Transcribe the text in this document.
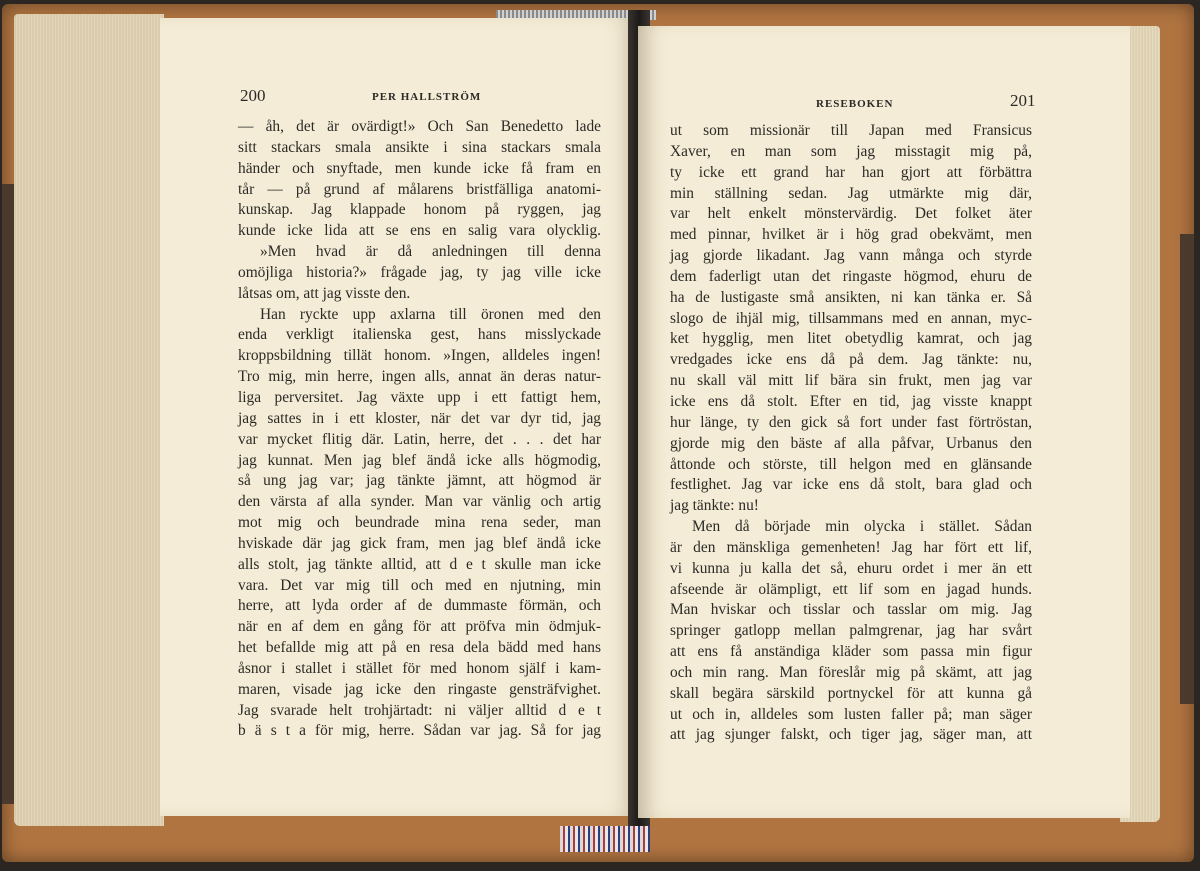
200	PER HALLSTRÖM
— åh, det är ovärdigt!» Och San Benedetto lade
sitt stackars smala ansikte i sina stackars smala
händer och snyftade, men kunde icke få fram en
tår — på grund af målarens bristfälliga anatomi-
kunskap. Jag klappade honom på ryggen, jag
kunde icke lida att se ens en salig vara olycklig.
»Men hvad är då anledningen till denna
omöjliga historia?» frågade jag, ty jag ville icke
låtsas om, att jag visste den.
Han ryckte upp axlarna till öronen med den
enda verkligt italienska gest, hans misslyckade
kroppsbildning tillät honom. »Ingen, alldeles ingen!
Tro mig, min herre, ingen alls, annat än deras natur-
liga perversitet. Jag växte upp i ett fattigt hem,
jag sattes in i ett kloster, när det var dyr tid, jag
var mycket flitig där. Latin, herre, det . . . det har
jag kunnat. Men jag blef ändå icke alls högmodig,
så ung jag var; jag tänkte jämnt, att högmod är
den värsta af alla synder. Man var vänlig och artig
mot mig och beundrade mina rena seder, man
hviskade där jag gick fram, men jag blef ändå icke
alls stolt, jag tänkte alltid, att d e t skulle man icke
vara. Det var mig till och med en njutning, min
herre, att lyda order af de dummaste förmän, och
när en af dem en gång för att pröfva min ödmjuk-
het befallde mig att på en resa dela bädd med hans
åsnor i stallet i stället för med honom själf i kam-
maren, visade jag icke den ringaste gensträfvighet.
Jag svarade helt trohjärtadt: ni väljer alltid d e t
b ä s t a för mig, herre. Sådan var jag. Så for jag
RESEBOKEN	201
ut som missionär till Japan med Fransicus
Xaver, en man som jag misstagit mig på,
ty icke ett grand har han gjort att förbättra
min ställning sedan. Jag utmärkte mig där,
var helt enkelt mönstervärdig. Det folket äter
med pinnar, hvilket är i hög grad obekvämt, men
jag gjorde likadant. Jag vann många och styrde
dem faderligt utan det ringaste högmod, ehuru de
ha de lustigaste små ansikten, ni kan tänka er. Så
slogo de ihjäl mig, tillsammans med en annan, myc-
ket hygglig, men litet obetydlig kamrat, och jag
vredgades icke ens då på dem. Jag tänkte: nu,
nu skall väl mitt lif bära sin frukt, men jag var
icke ens då stolt. Efter en tid, jag visste knappt
hur länge, ty den gick så fort under fast förtröstan,
gjorde mig den bäste af alla påfvar, Urbanus den
åttonde och störste, till helgon med en glänsande
festlighet. Jag var icke ens då stolt, bara glad och
jag tänkte: nu!
Men då började min olycka i stället. Sådan
är den mänskliga gemenheten! Jag har fört ett lif,
vi kunna ju kalla det så, ehuru ordet i mer än ett
afseende är olämpligt, ett lif som en jagad hunds.
Man hviskar och tisslar och tasslar om mig. Jag
springer gatlopp mellan palmgrenar, jag har svårt
att ens få anständiga kläder som passa min figur
och min rang. Man föreslår mig på skämt, att jag
skall begära särskild portnyckel för att kunna gå
ut och in, alldeles som lusten faller på; man säger
att jag sjunger falskt, och tiger jag, säger man, att
